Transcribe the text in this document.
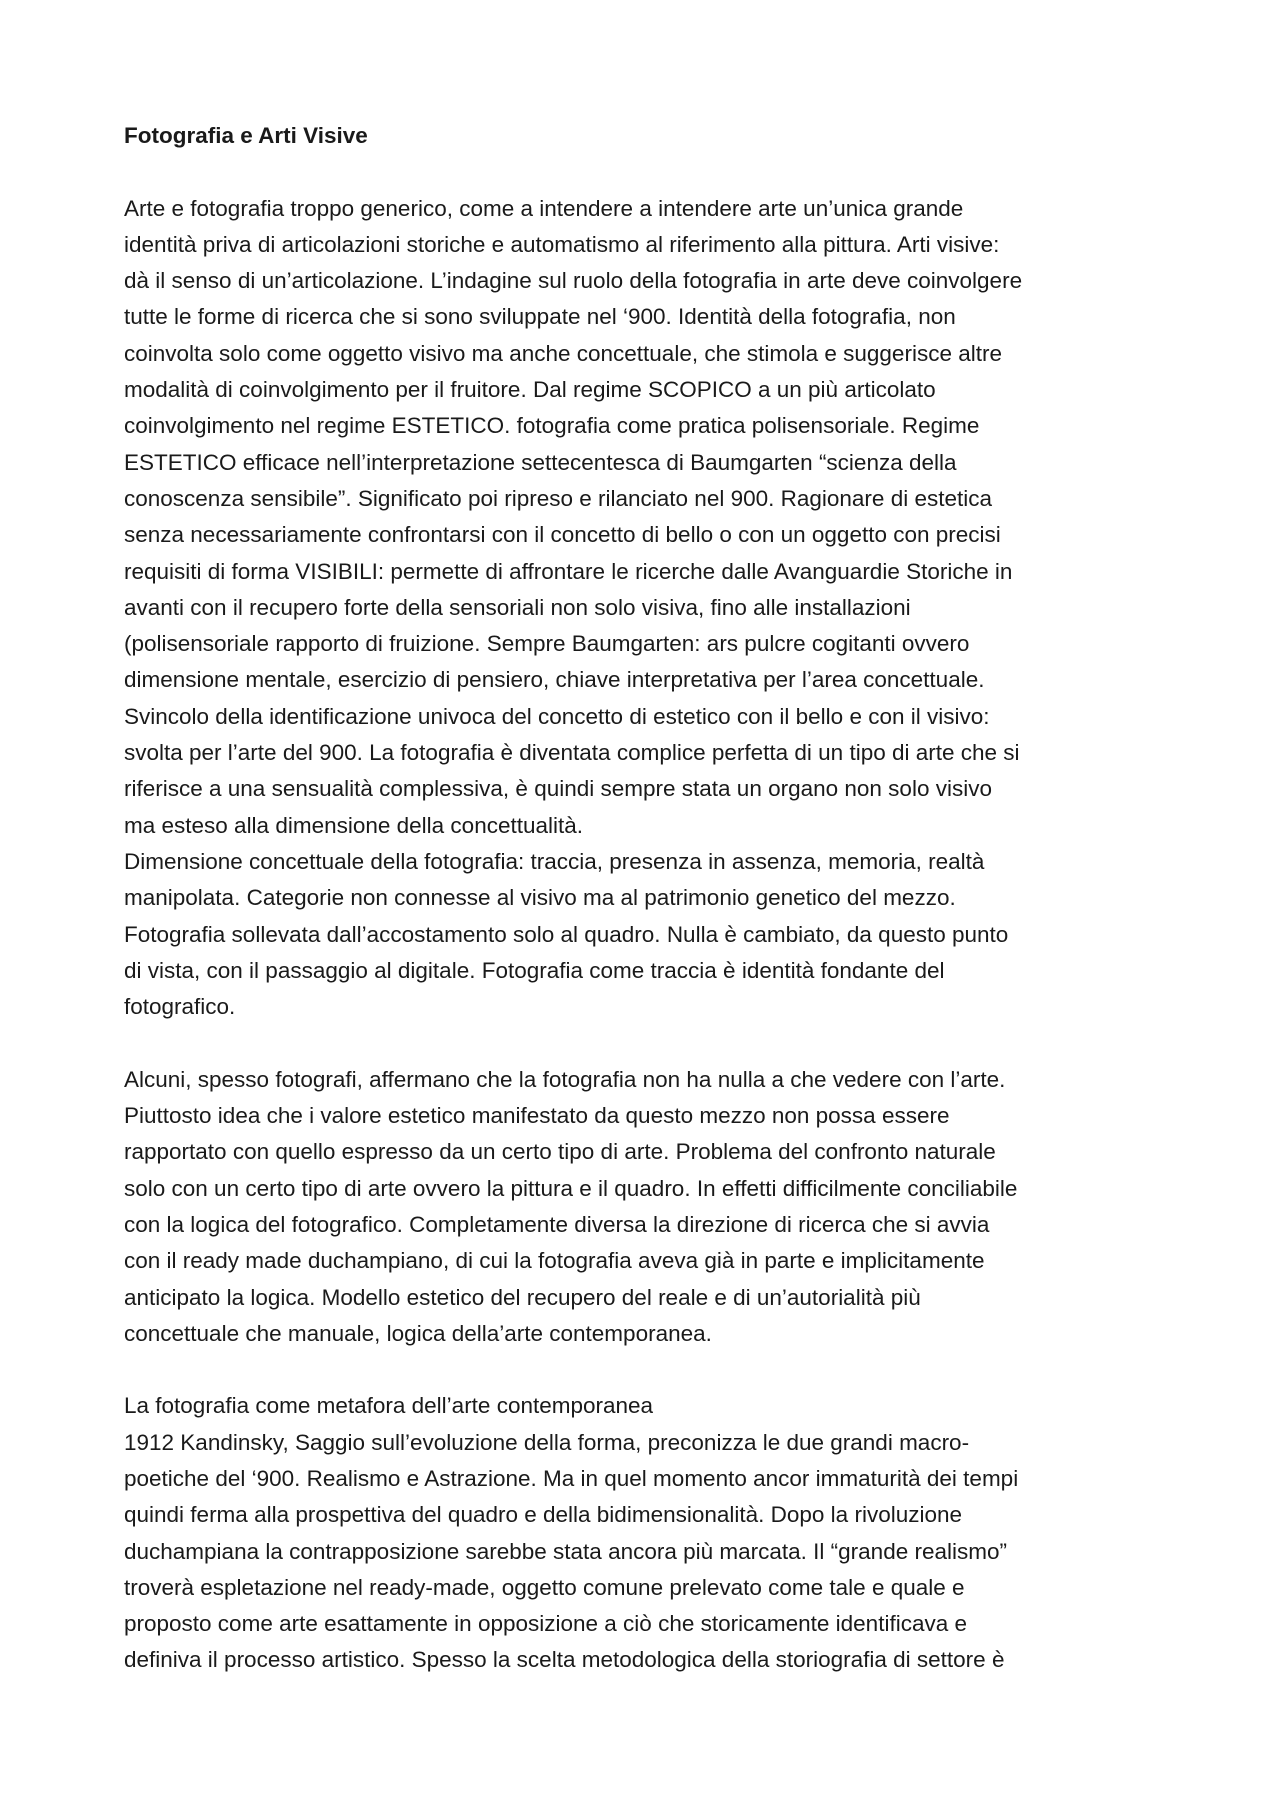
Fotografia e Arti Visive
Arte e fotografia troppo generico, come a intendere a intendere arte un’unica grande
identità priva di articolazioni storiche e automatismo al riferimento alla pittura. Arti visive:
dà il senso di un’articolazione. L’indagine sul ruolo della fotografia in arte deve coinvolgere
tutte le forme di ricerca che si sono sviluppate nel ‘900. Identità della fotografia, non
coinvolta solo come oggetto visivo ma anche concettuale, che stimola e suggerisce altre
modalità di coinvolgimento per il fruitore. Dal regime SCOPICO a un più articolato
coinvolgimento nel regime ESTETICO. fotografia come pratica polisensoriale. Regime
ESTETICO efficace nell’interpretazione settecentesca di Baumgarten “scienza della
conoscenza sensibile”. Significato poi ripreso e rilanciato nel 900. Ragionare di estetica
senza necessariamente confrontarsi con il concetto di bello o con un oggetto con precisi
requisiti di forma VISIBILI: permette di affrontare le ricerche dalle Avanguardie Storiche in
avanti con il recupero forte della sensoriali non solo visiva, fino alle installazioni
(polisensoriale rapporto di fruizione. Sempre Baumgarten: ars pulcre cogitanti ovvero
dimensione mentale, esercizio di pensiero, chiave interpretativa per l’area concettuale.
Svincolo della identificazione univoca del concetto di estetico con il bello e con il visivo:
svolta per l’arte del 900. La fotografia è diventata complice perfetta di un tipo di arte che si
riferisce a una sensualità complessiva, è quindi sempre stata un organo non solo visivo
ma esteso alla dimensione della concettualità.
Dimensione concettuale della fotografia: traccia, presenza in assenza, memoria, realtà
manipolata. Categorie non connesse al visivo ma al patrimonio genetico del mezzo.
Fotografia sollevata dall’accostamento solo al quadro. Nulla è cambiato, da questo punto
di vista, con il passaggio al digitale. Fotografia come traccia è identità fondante del
fotografico.
Alcuni, spesso fotografi, affermano che la fotografia non ha nulla a che vedere con l’arte.
Piuttosto idea che i valore estetico manifestato da questo mezzo non possa essere
rapportato con quello espresso da un certo tipo di arte. Problema del confronto naturale
solo con un certo tipo di arte ovvero la pittura e il quadro. In effetti difficilmente conciliabile
con la logica del fotografico. Completamente diversa la direzione di ricerca che si avvia
con il ready made duchampiano, di cui la fotografia aveva già in parte e implicitamente
anticipato la logica. Modello estetico del recupero del reale e di un’autorialità più
concettuale che manuale, logica della’arte contemporanea.
La fotografia come metafora dell’arte contemporanea
1912 Kandinsky, Saggio sull’evoluzione della forma, preconizza le due grandi macro-
poetiche del ‘900. Realismo e Astrazione. Ma in quel momento ancor immaturità dei tempi
quindi ferma alla prospettiva del quadro e della bidimensionalità. Dopo la rivoluzione
duchampiana la contrapposizione sarebbe stata ancora più marcata. Il “grande realismo”
troverà espletazione nel ready-made, oggetto comune prelevato come tale e quale e
proposto come arte esattamente in opposizione a ciò che storicamente identificava e
definiva il processo artistico. Spesso la scelta metodologica della storiografia di settore è
